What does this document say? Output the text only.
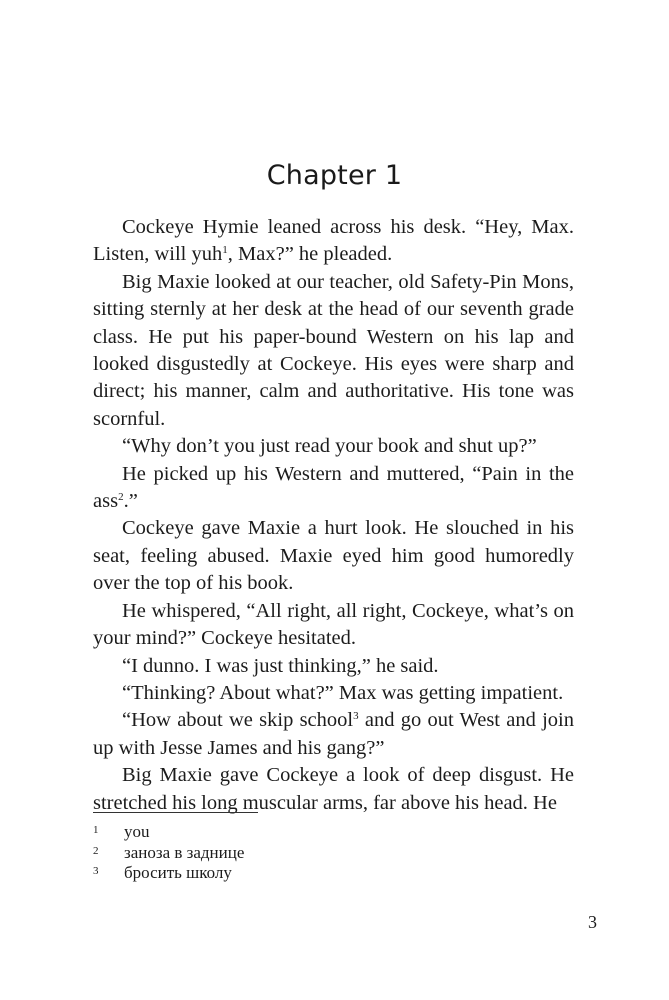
Chapter 1

Cockeye Hymie leaned across his desk. “Hey, Max. Listen, will yuh$^1$, Max?” he pleaded.

Big Maxie looked at our teacher, old Safety-Pin Mons, sitting sternly at her desk at the head of our seventh grade class. He put his paper-bound Western on his lap and looked disgustedly at Cockeye. His eyes were sharp and direct; his manner, calm and authoritative. His tone was scornful.

“Why don’t you just read your book and shut up?”

He picked up his Western and muttered, “Pain in the ass$^2$.”

Cockeye gave Maxie a hurt look. He slouched in his seat, feeling abused. Maxie eyed him good humoredly over the top of his book.

He whispered, “All right, all right, Cockeye, what’s on your mind?” Cockeye hesitated.

“I dunno. I was just thinking,” he said.

“Thinking? About what?” Max was getting impatient.

“How about we skip school$^3$ and go out West and join up with Jesse James and his gang?”

Big Maxie gave Cockeye a look of deep disgust. He stretched his long muscular arms, far above his head. He

1	you
2	заноза в заднице
3	бросить школу
3
